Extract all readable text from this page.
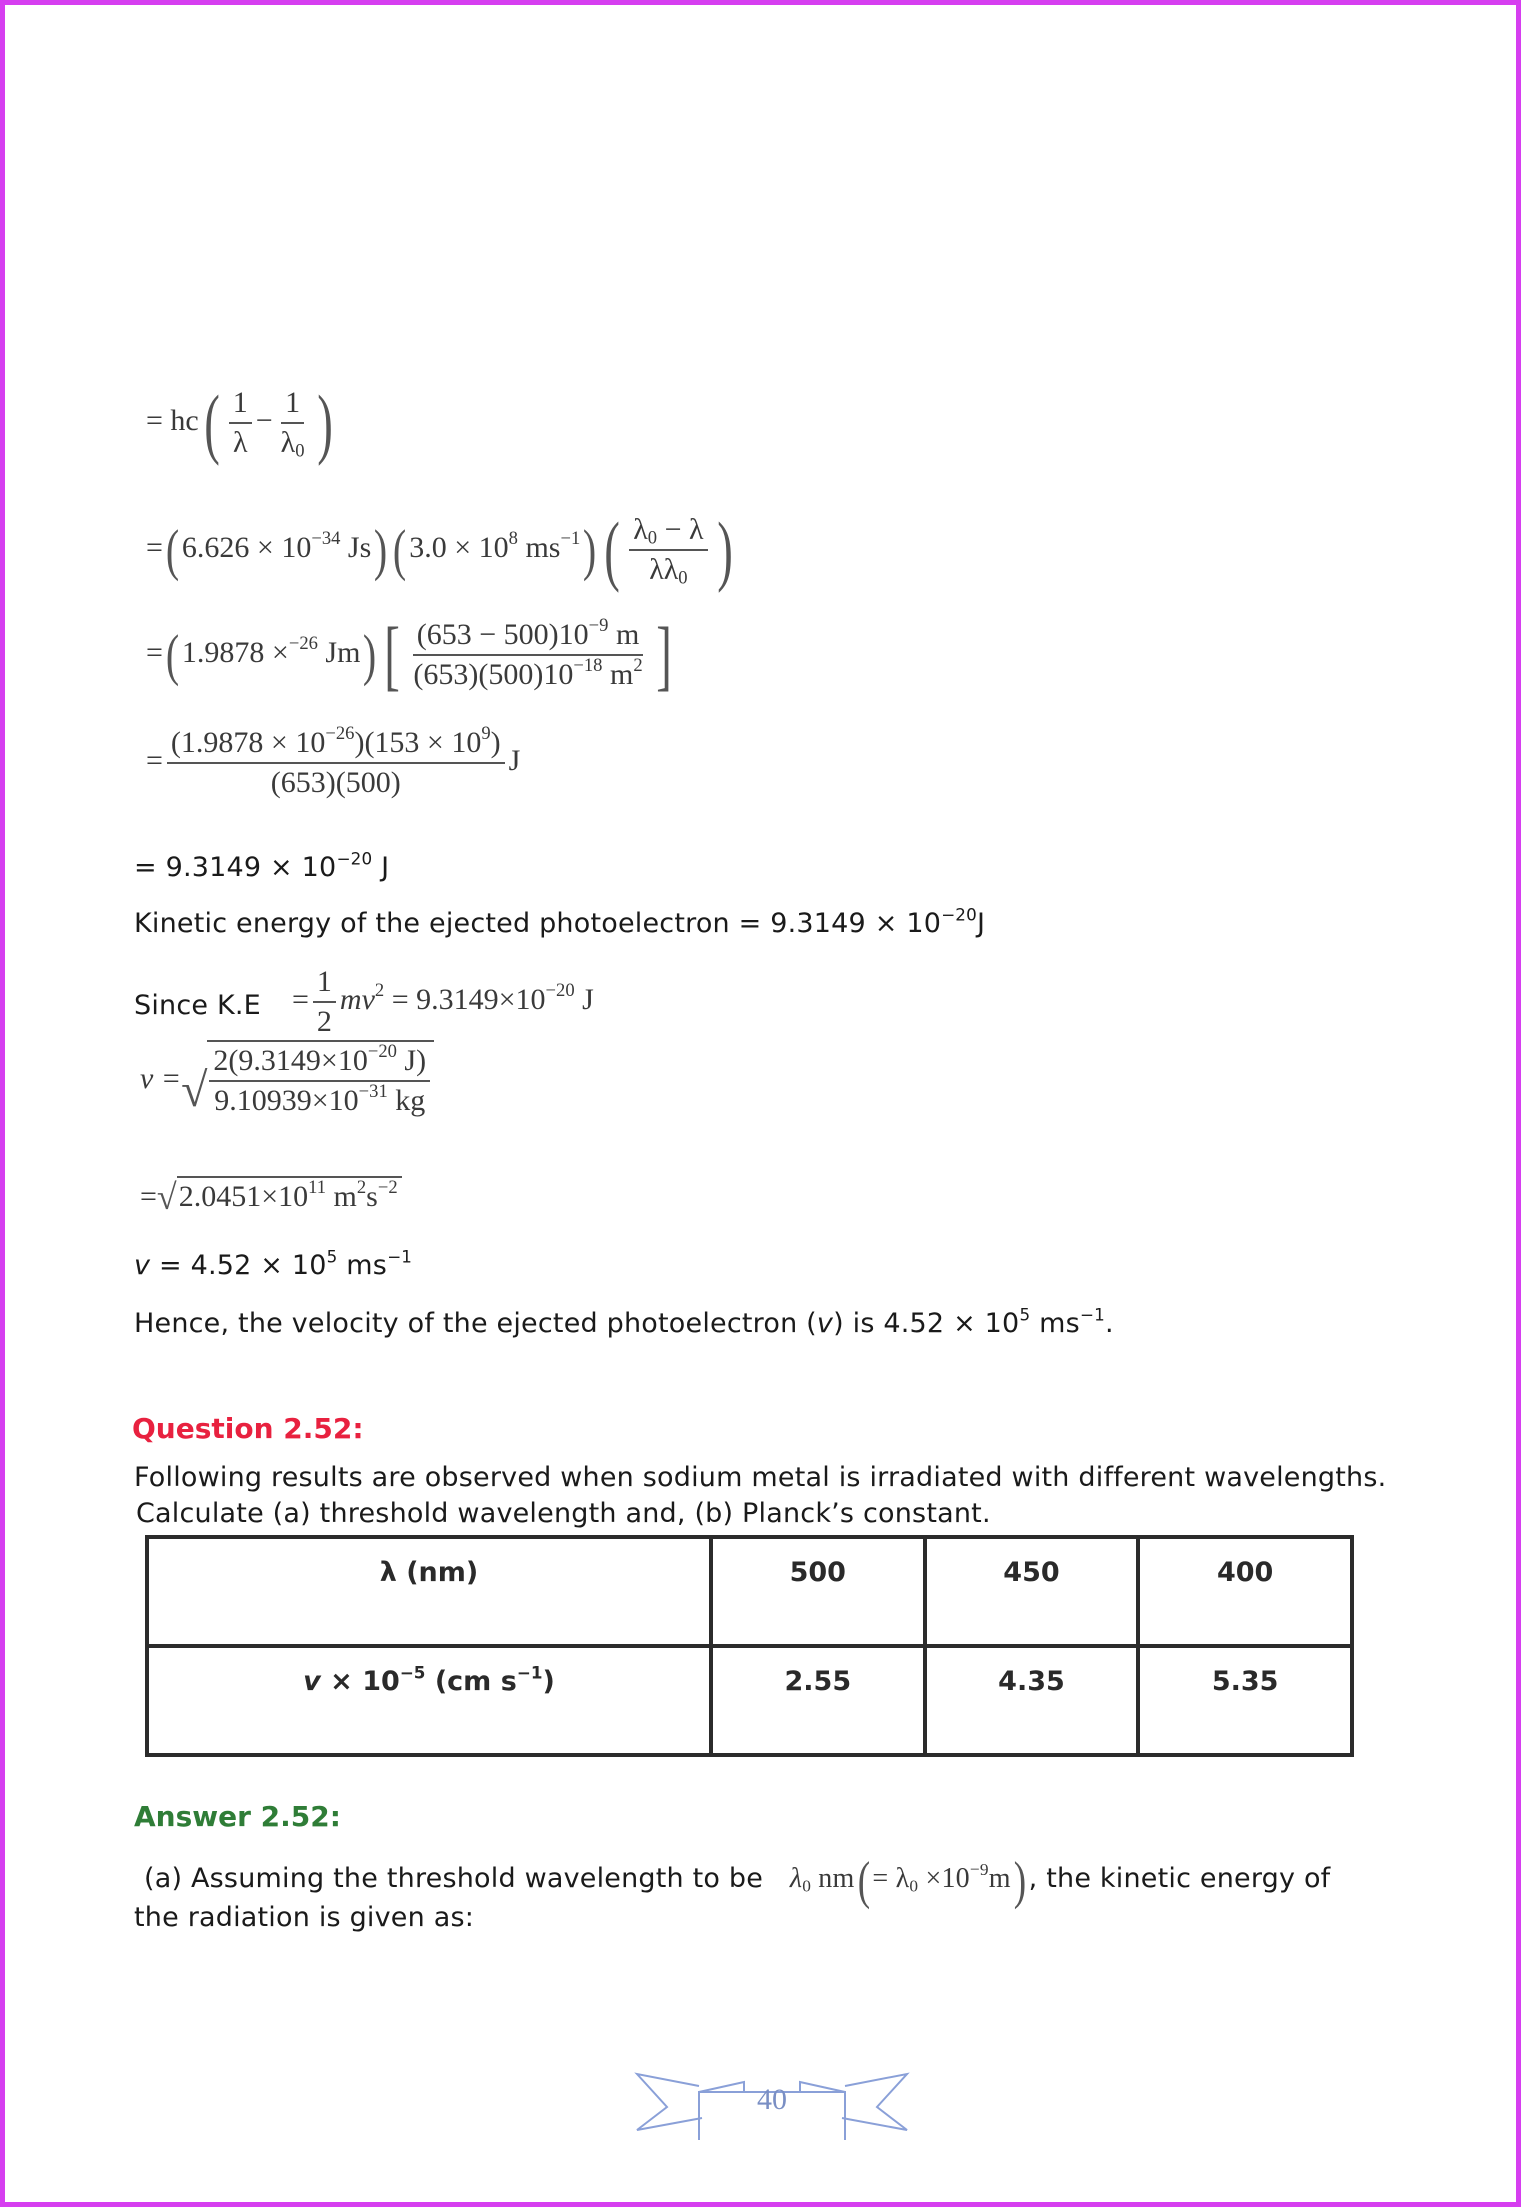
= $hc( \frac{1}{\lambda} - \frac{1}{\lambda_0}$ )
$=(6.626 \times 10^{-34}$ $Js)(3.0 \times 10^8$ $ms^{-1}$) ( $\frac{\lambda_0 - \lambda}{\lambda\lambda_0}$ )
=(1.9878 ×$^{-26}$ Jm) [ $\frac{(653 - 500)10^{-9} m}{(653)(500)10^{-18} m^2}$ ]
= $\frac{(1.9878 \times 10^{-26})(153 \times 10^9)}{(653)(500)}$ J
= $9.3149 \times 10^{-20}$ J
Kinetic energy of the ejected photoelectron = $9.3149 \times 10^{-20}J$
Since $K.E = \frac{1}{2} mv^2 = 9.3149\times 10^{-20}$ J
v = √ $\frac{2(9.3149\times 10^{-20} J)}{9.10939\times 10^{-31} kg}$
= √ $2.0451\times 10^{11}$ $m^2s^{-2}$
$v = 4.52 \times 10^5$ $ms^{-1}$
Hence, the velocity of the ejected photoelectron (v) is $4.52 \times 10^5$ $ms^{-1}$.
Question 2.52:
Following results are observed when sodium metal is irradiated with different wavelengths.
Calculate (a) threshold wavelength and, (b) Planck’s constant.
λ (nm)	500	450	400
$v \times 10^{-5}$ (cm $s^{-1}$)	2.55	4.35	5.35
Answer 2.52:
(a) Assuming the threshold wavelength to be $\lambda_0$ $nm(= \lambda_0 \times 10^{-9}m)$, the kinetic energy of
the radiation is given as:
40
